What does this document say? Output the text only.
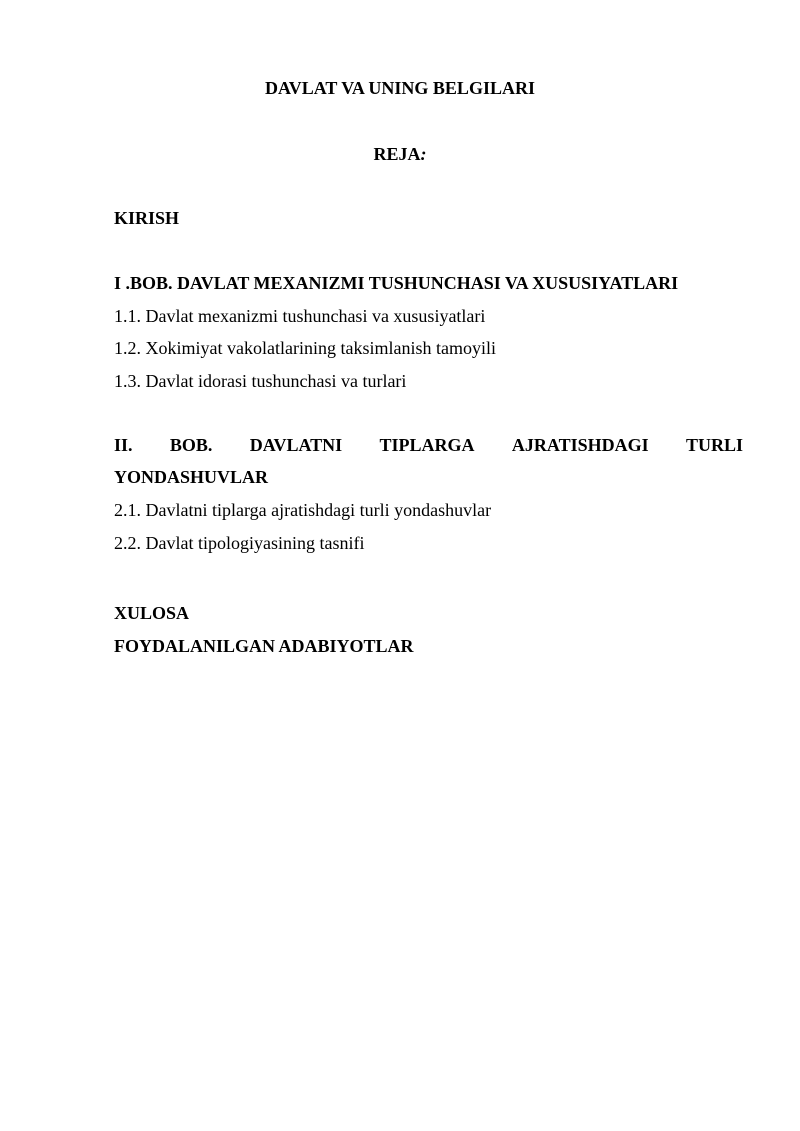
DAVLAT VA UNING BELGILARI
REJA:
KIRISH
I .BOB. DAVLAT MEXANIZMI TUSHUNCHASI VA XUSUSIYATLARI
1.1. Davlat mexanizmi tushunchasi va xususiyatlari
1.2. Xokimiyat vakolatlarining taksimlanish tamoyili
1.3. Davlat idorasi tushunchasi va turlari
II. BOB. DAVLATNI TIPLARGA AJRATISHDAGI TURLI
YONDASHUVLAR
2.1. Davlatni tiplarga ajratishdagi turli yondashuvlar
2.2. Davlat tipologiyasining tasnifi
XULOSA
FOYDALANILGAN ADABIYOTLAR
